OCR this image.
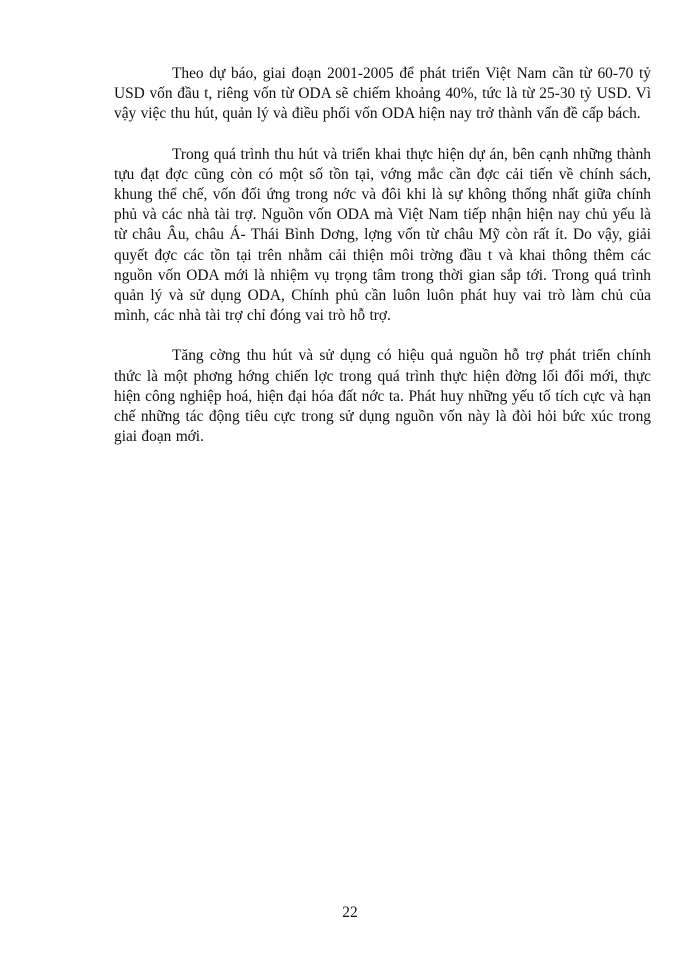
Theo dự báo, giai đoạn 2001-2005 để phát triển Việt Nam cần từ 60-70 tỷ USD vốn đầu t, riêng vốn từ ODA sẽ chiếm khoảng 40%, tức là từ 25-30 tỷ USD. Vì vậy việc thu hút, quản lý và điều phối vốn ODA hiện nay trở thành vấn đề cấp bách.

Trong quá trình thu hút và triển khai thực hiện dự án, bên cạnh những thành tựu đạt đợc cũng còn có một số tồn tại, vớng mắc cần đợc cải tiến về chính sách, khung thể chế, vốn đối ứng trong nớc và đôi khi là sự không thống nhất giữa chính phủ và các nhà tài trợ. Nguồn vốn ODA mà Việt Nam tiếp nhận hiện nay chủ yếu là từ châu Âu, châu Á- Thái Bình Dơng, lợng vốn từ châu Mỹ còn rất ít. Do vậy, giải quyết đợc các tồn tại trên nhằm cải thiện môi trờng đầu t và khai thông thêm các nguồn vốn ODA mới là nhiệm vụ trọng tâm trong thời gian sắp tới. Trong quá trình quản lý và sử dụng ODA, Chính phủ cần luôn luôn phát huy vai trò làm chủ của mình, các nhà tài trợ chỉ đóng vai trò hỗ trợ.

Tăng cờng thu hút và sử dụng có hiệu quả nguồn hỗ trợ phát triển chính thức là một phơng hớng chiến lợc trong quá trình thực hiện đờng lối đổi mới, thực hiện công nghiệp hoá, hiện đại hóa đất nớc ta. Phát huy những yếu tố tích cực và hạn chế những tác động tiêu cực trong sử dụng nguồn vốn này là đòi hỏi bức xúc trong giai đoạn mới.

22
